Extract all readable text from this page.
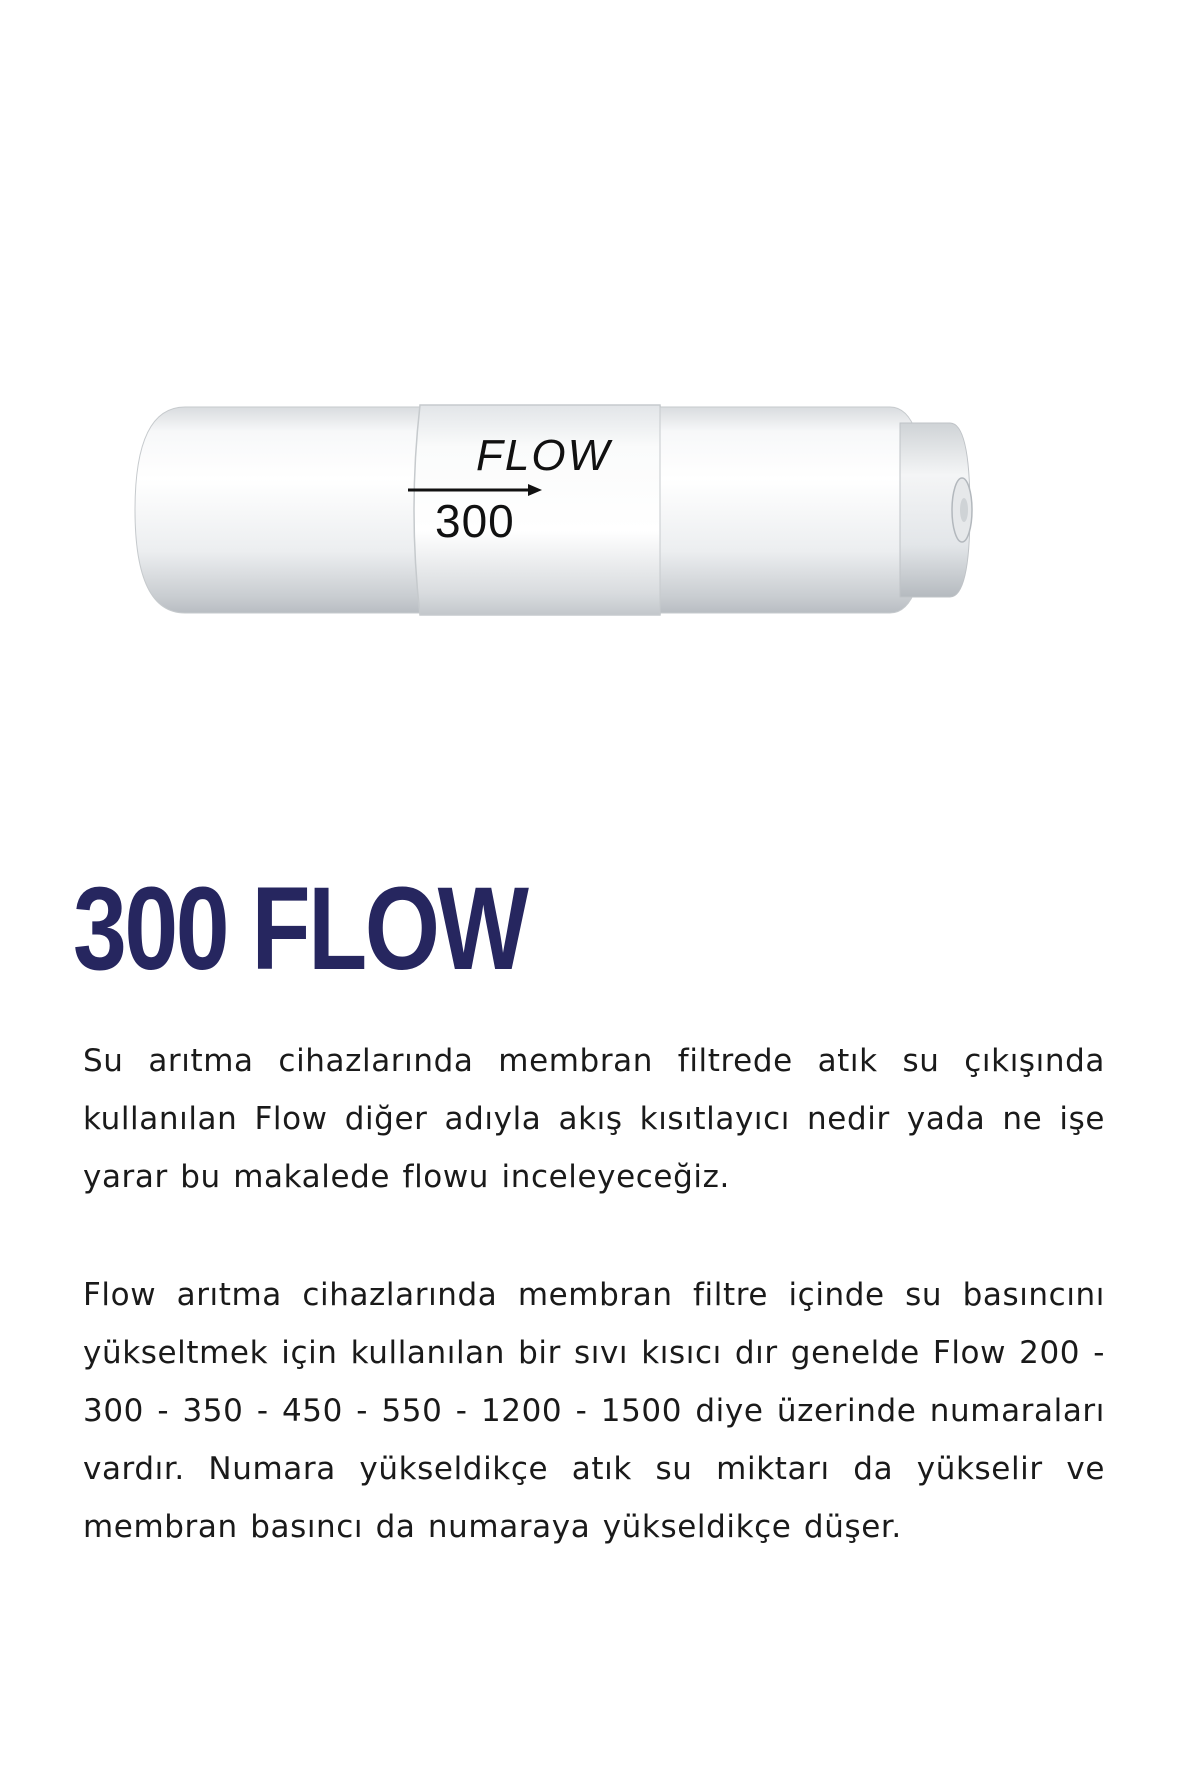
FLOW
300
300 FLOW

Su arıtma cihazlarında membran filtrede atık su çıkışında kullanılan Flow diğer adıyla akış kısıtlayıcı nedir yada ne işe yarar bu makalede flowu inceleyeceğiz.

Flow arıtma cihazlarında membran filtre içinde su basıncını yükseltmek için kullanılan bir sıvı kısıcı dır genelde Flow 200 - 300 - 350 - 450 - 550 - 1200 - 1500 diye üzerinde numaraları vardır. Numara yükseldikçe atık su miktarı da yükselir ve membran basıncı da numaraya yükseldikçe düşer.
